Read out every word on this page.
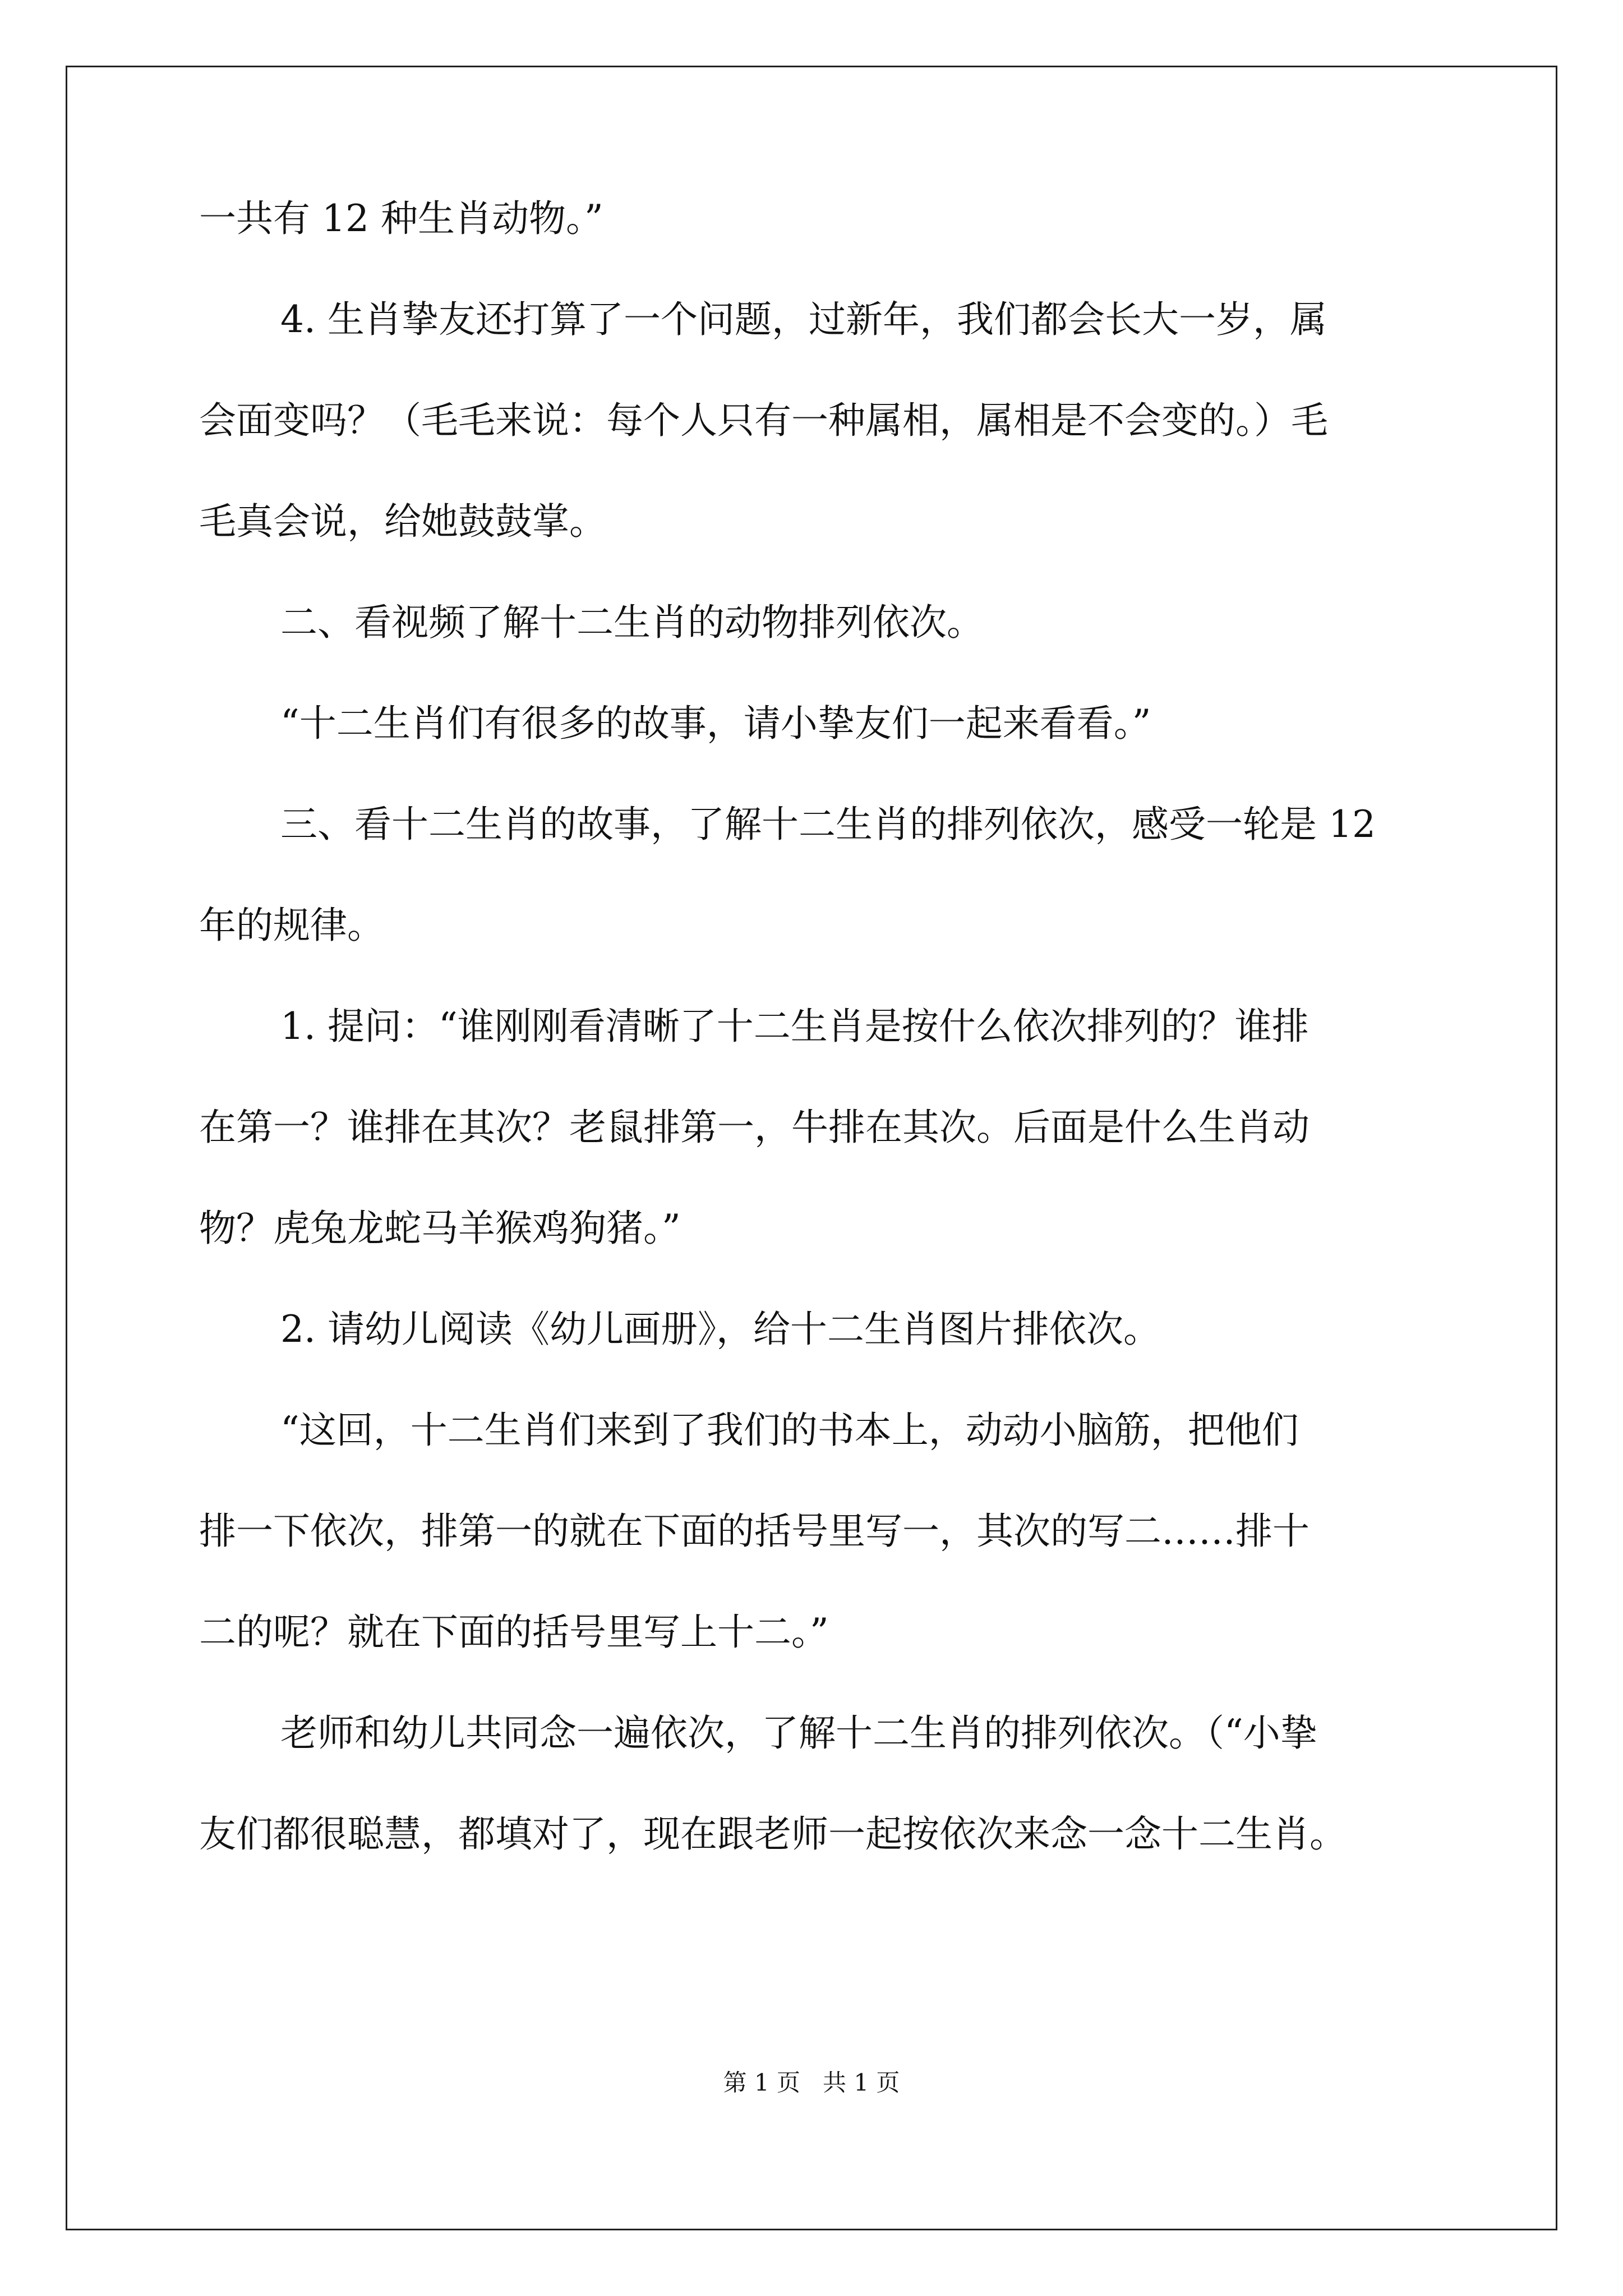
一共有 12 种生肖动物。”
4. 生肖挚友还打算了一个问题，过新年，我们都会长大一岁，属
会面变吗？（毛毛来说：每个人只有一种属相，属相是不会变的。）毛
毛真会说，给她鼓鼓掌。
二、看视频了解十二生肖的动物排列依次。
“十二生肖们有很多的故事，请小挚友们一起来看看。”
三、看十二生肖的故事，了解十二生肖的排列依次，感受一轮是 12
年的规律。
1. 提问：“谁刚刚看清晰了十二生肖是按什么依次排列的？谁排
在第一？谁排在其次？老鼠排第一，牛排在其次。后面是什么生肖动
物？虎兔龙蛇马羊猴鸡狗猪。”
2. 请幼儿阅读《幼儿画册》，给十二生肖图片排依次。
“这回，十二生肖们来到了我们的书本上，动动小脑筋，把他们
排一下依次，排第一的就在下面的括号里写一，其次的写二……排十
二的呢？就在下面的括号里写上十二。”
老师和幼儿共同念一遍依次，了解十二生肖的排列依次。（“小挚
友们都很聪慧，都填对了，现在跟老师一起按依次来念一念十二生肖。
第 1 页 共 1 页
